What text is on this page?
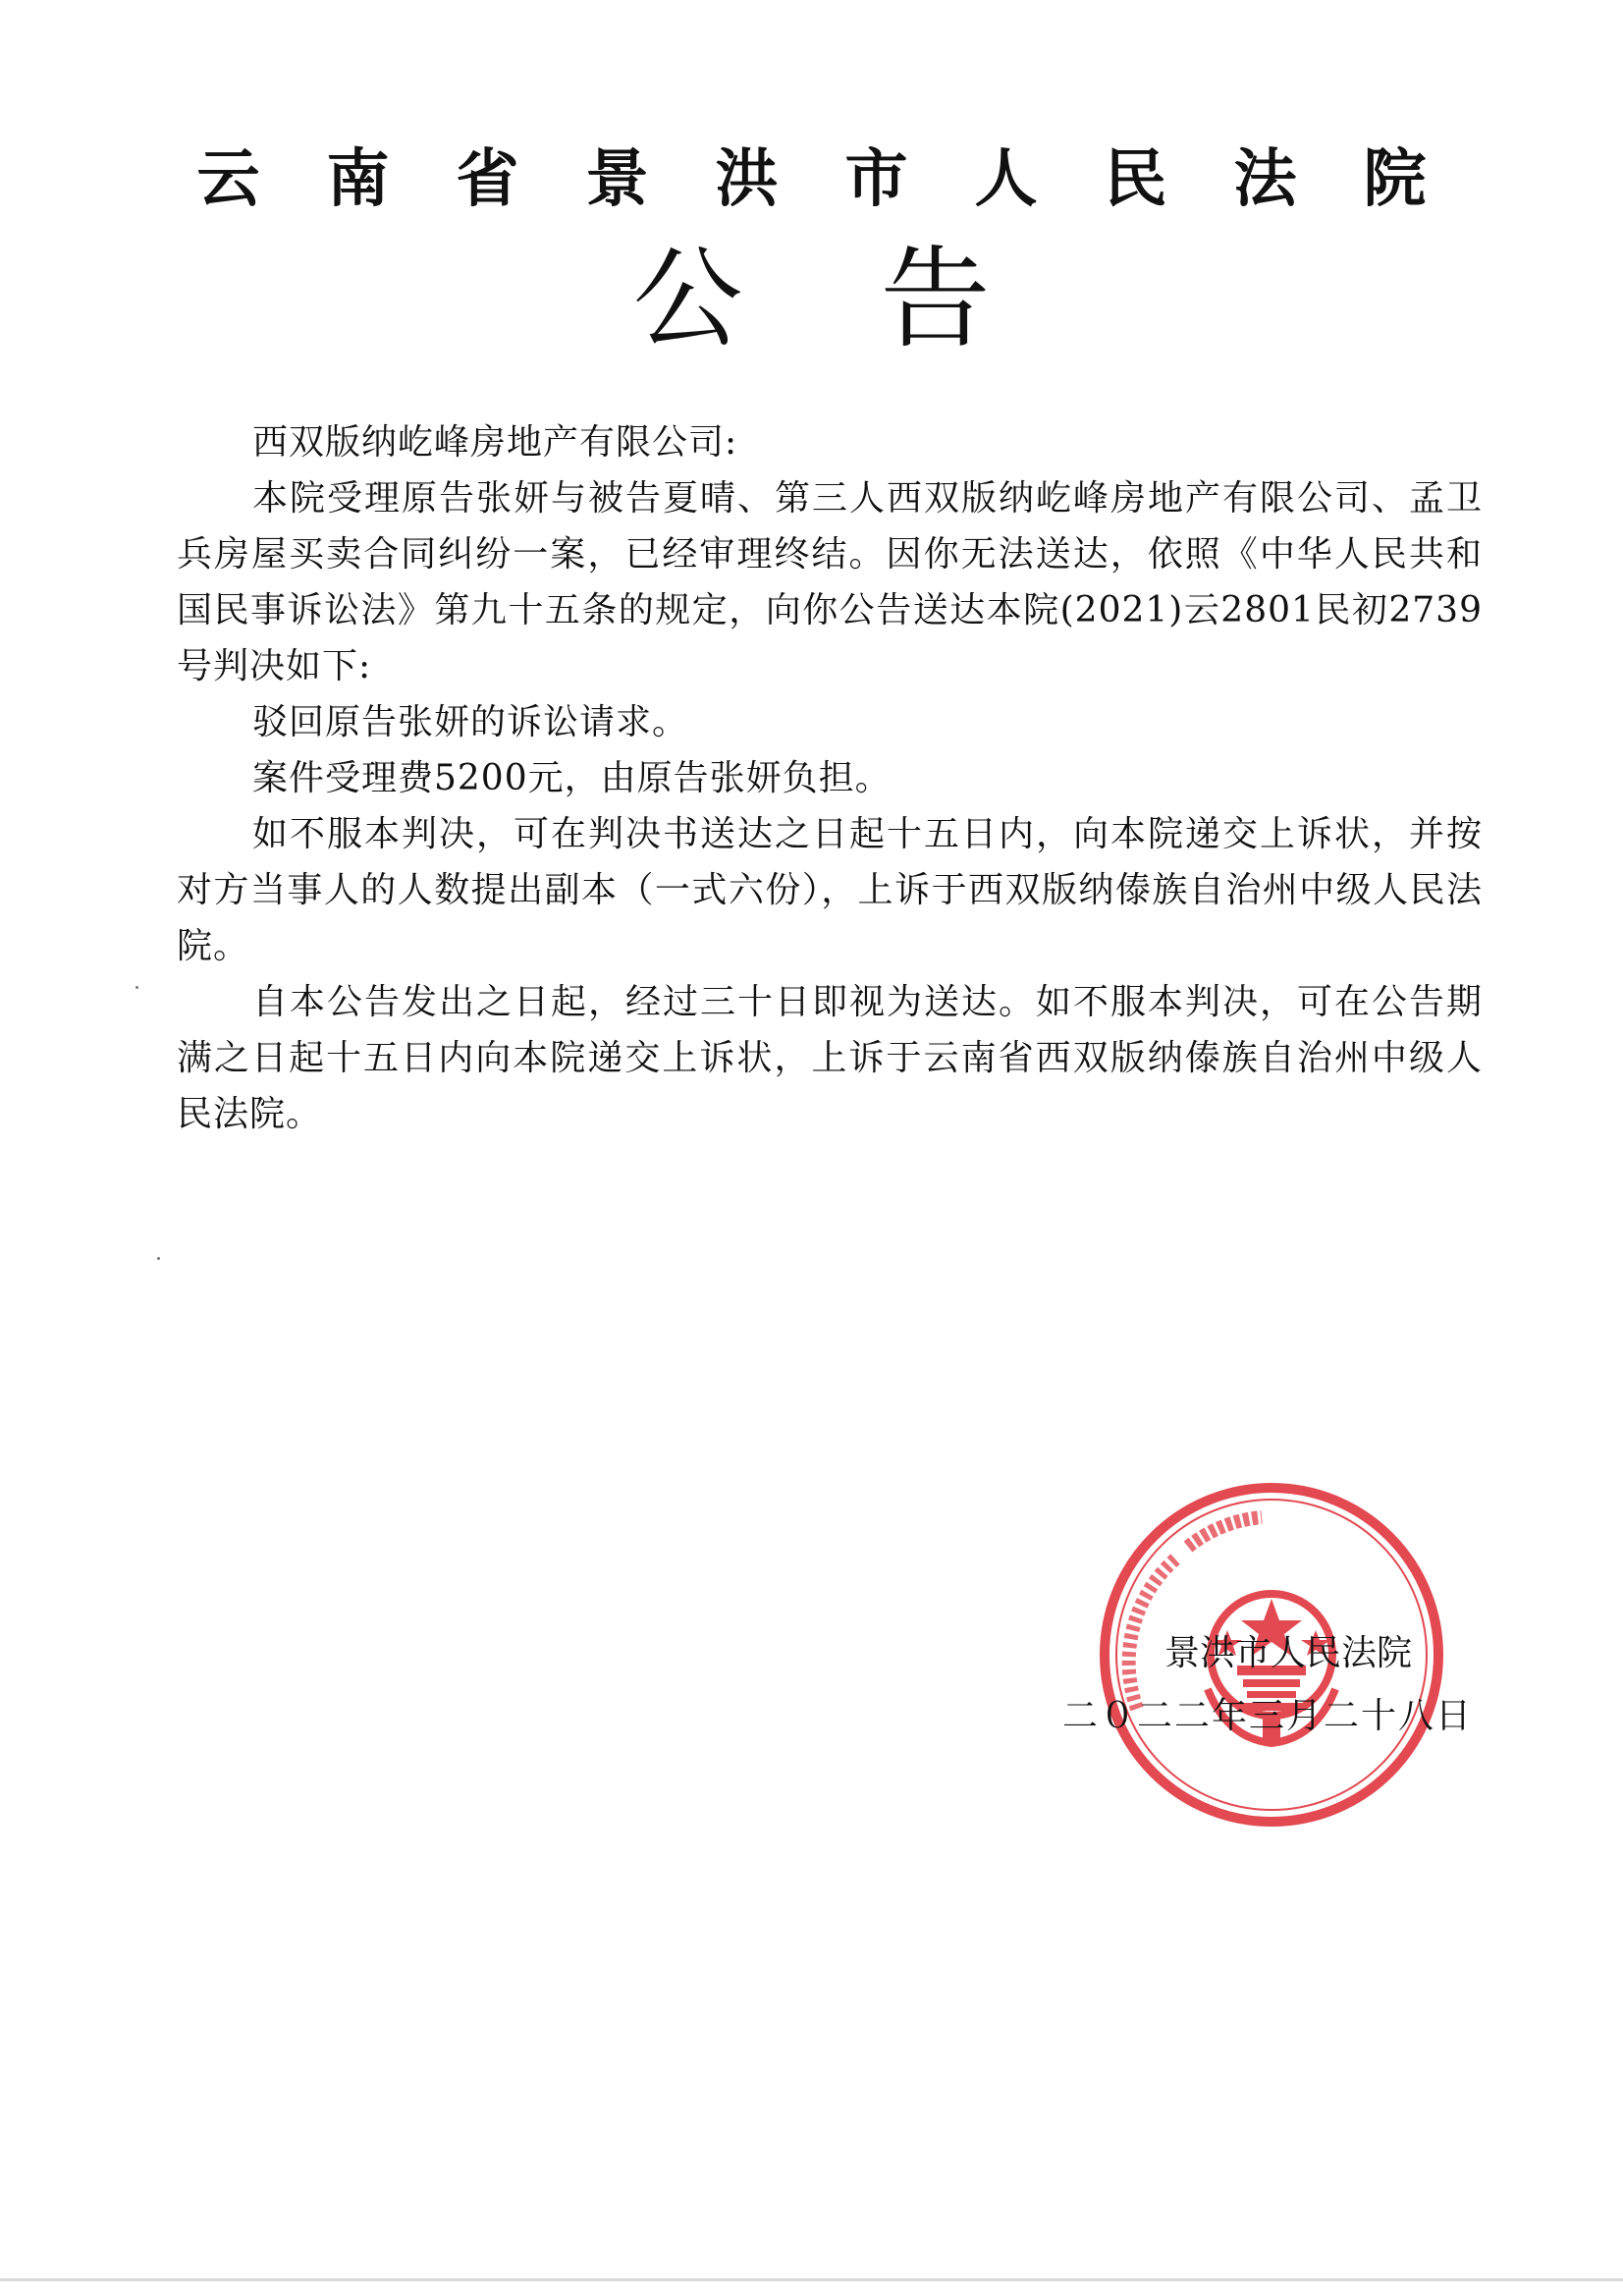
云南省景洪市人民法院
公告

西双版纳屹峰房地产有限公司:

本院受理原告张妍与被告夏晴、第三人西双版纳屹峰房地产有限公司、孟卫兵房屋买卖合同纠纷一案，已经审理终结。因你无法送达，依照《中华人民共和国民事诉讼法》第九十五条的规定，向你公告送达本院(2021)云2801民初2739号判决如下:

驳回原告张妍的诉讼请求。

案件受理费5200元，由原告张妍负担。

如不服本判决，可在判决书送达之日起十五日内，向本院递交上诉状，并按对方当事人的人数提出副本（一式六份），上诉于西双版纳傣族自治州中级人民法院。

自本公告发出之日起，经过三十日即视为送达。如不服本判决，可在公告期满之日起十五日内向本院递交上诉状，上诉于云南省西双版纳傣族自治州中级人民法院。

景洪市人民法院
二０二二年三月二十八日
